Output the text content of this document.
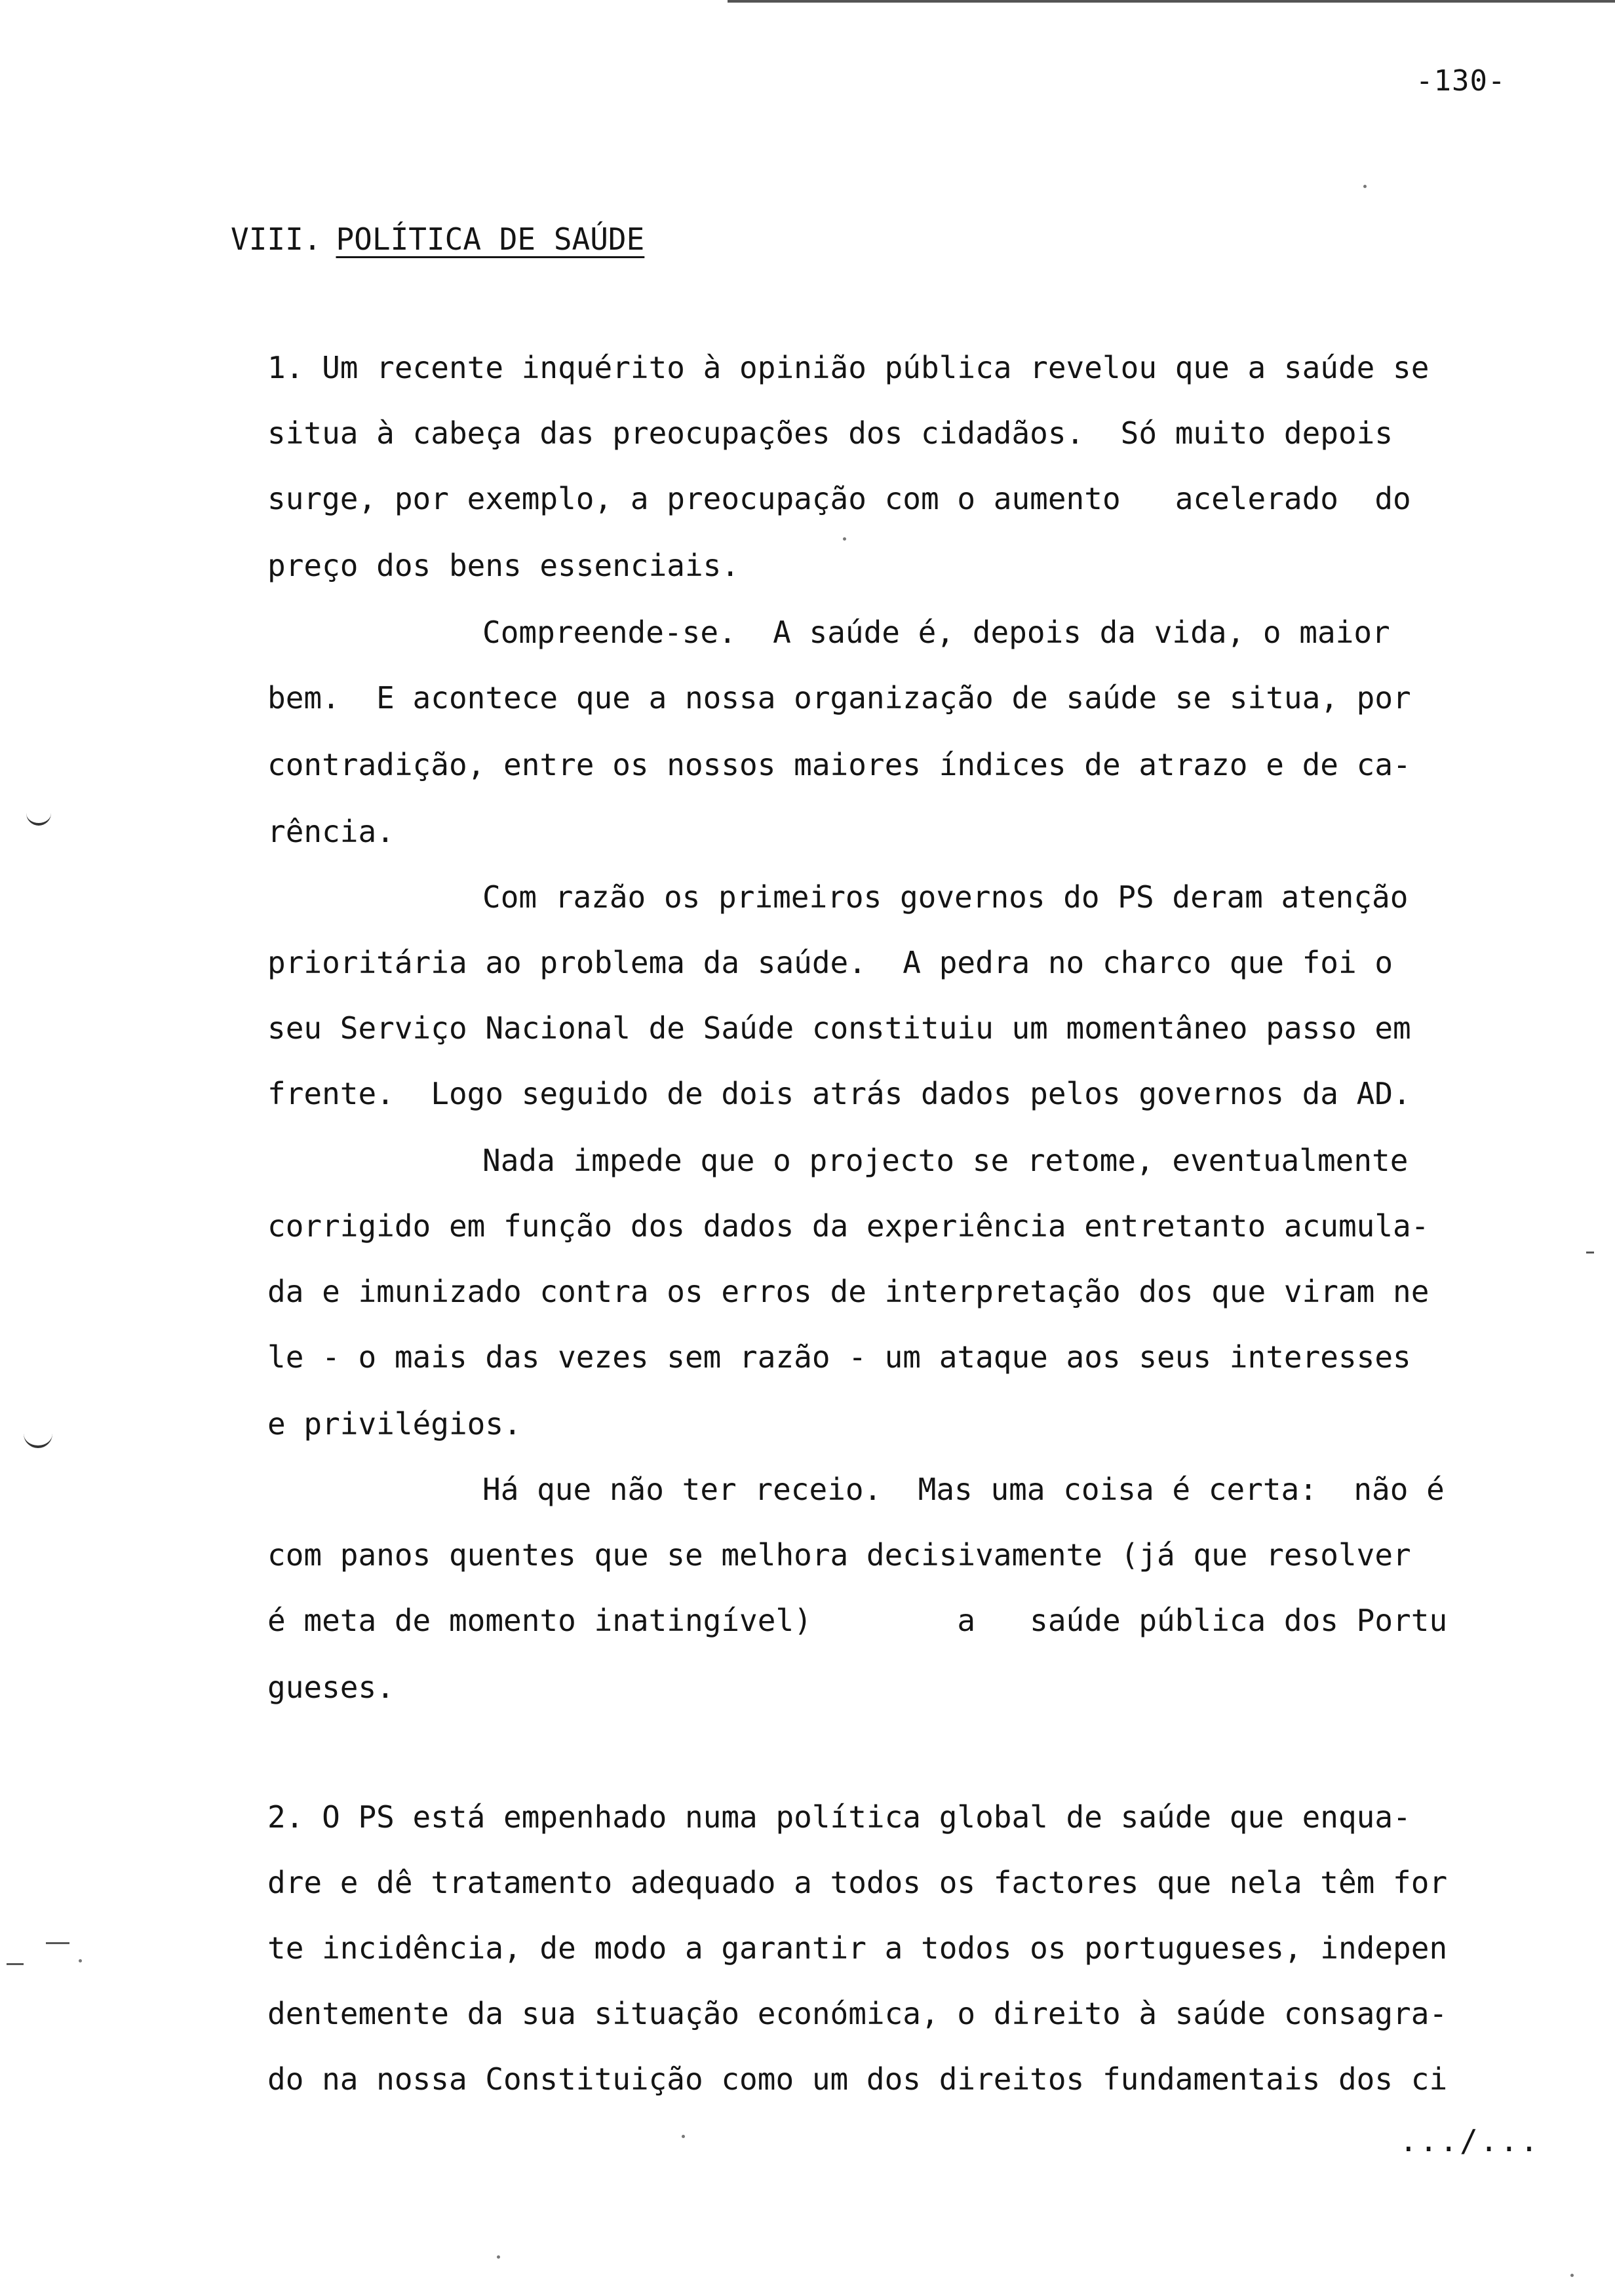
-130-
VIII. POLÍTICA DE SAÚDE
1. Um recente inquérito à opinião pública revelou que a saúde se
situa à cabeça das preocupações dos cidadãos.  Só muito depois
surge, por exemplo, a preocupação com o aumento   acelerado  do
preço dos bens essenciais.
Compreende-se.  A saúde é, depois da vida, o maior
bem.  E acontece que a nossa organização de saúde se situa, por
contradição, entre os nossos maiores índices de atrazo e de ca-
rência.
Com razão os primeiros governos do PS deram atenção
prioritária ao problema da saúde.  A pedra no charco que foi o
seu Serviço Nacional de Saúde constituiu um momentâneo passo em
frente.  Logo seguido de dois atrás dados pelos governos da AD.
Nada impede que o projecto se retome, eventualmente
corrigido em função dos dados da experiência entretanto acumula-
da e imunizado contra os erros de interpretação dos que viram ne
le - o mais das vezes sem razão - um ataque aos seus interesses
e privilégios.
Há que não ter receio.  Mas uma coisa é certa:  não é
com panos quentes que se melhora decisivamente (já que resolver
é meta de momento inatingível)        a   saúde pública dos Portu
gueses.
2. O PS está empenhado numa política global de saúde que enqua-
dre e dê tratamento adequado a todos os factores que nela têm for
te incidência, de modo a garantir a todos os portugueses, indepen
dentemente da sua situação económica, o direito à saúde consagra-
do na nossa Constituição como um dos direitos fundamentais dos ci
.../...
